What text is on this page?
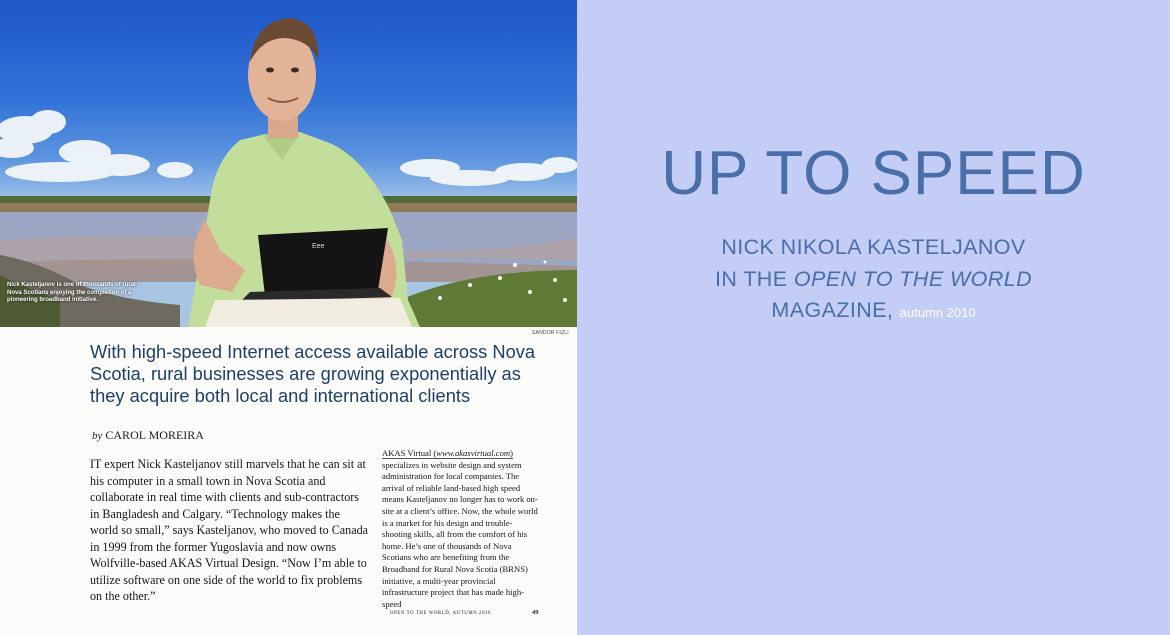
Eee
Nick Kasteljanov is one of thousands of rural Nova Scotians enjoying the completion of a pioneering broadband initiative.
SANDOR FIZLI
With high-speed Internet access available across Nova Scotia, rural businesses are growing exponentially as they acquire both local and international clients
by CAROL MOREIRA

IT expert Nick Kasteljanov still marvels that he can sit at his computer in a small town in Nova Scotia and collaborate in real time with clients and sub-contractors in Bangladesh and Calgary. “Technology makes the world so small,” says Kasteljanov, who moved to Canada in 1999 from the former Yugoslavia and now owns Wolfville-based AKAS Virtual Design. “Now I’m able to utilize software on one side of the world to fix problems on the other.”

AKAS Virtual (www.akasvirtual.com) specializes in website design and system administration for local companies. The arrival of reliable land-based high speed means Kasteljanov no longer has to work on-site at a client’s office. Now, the whole world is a market for his design and trouble-shooting skills, all from the comfort of his home. He’s one of thousands of Nova Scotians who are benefiting from the Broadband for Rural Nova Scotia (BRNS) initiative, a multi-year provincial infrastructure project that has made high-speed

OPEN TO THE WORLD, AUTUMN 2010	49
UP TO SPEED
NICK NIKOLA KASTELJANOV
IN THE OPEN TO THE WORLD
MAGAZINE, autumn 2010
